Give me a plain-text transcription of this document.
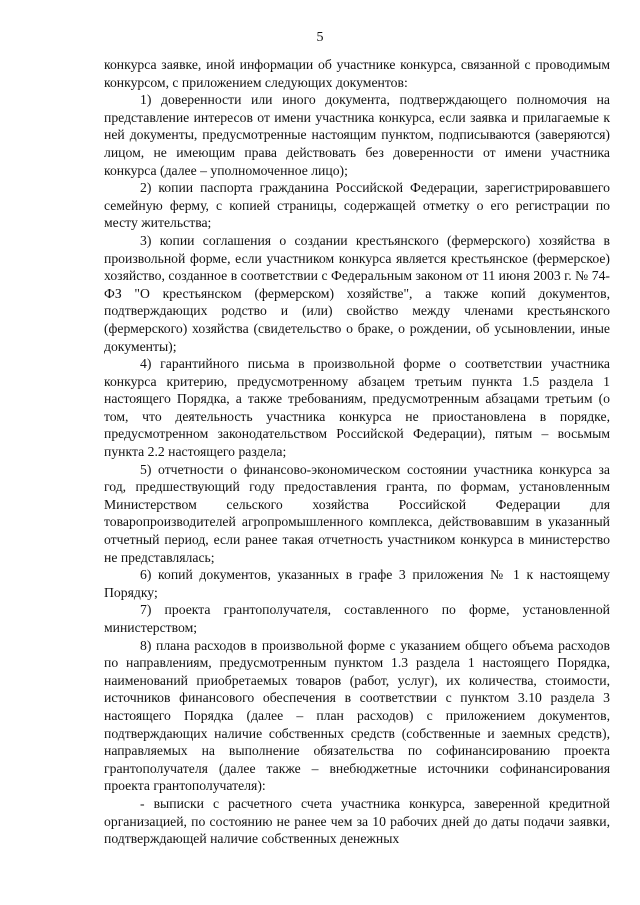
5

конкурса заявке, иной информации об участнике конкурса, связанной с проводимым конкурсом, с приложением следующих документов:

1) доверенности или иного документа, подтверждающего полномочия на представление интересов от имени участника конкурса, если заявка и прилагаемые к ней документы, предусмотренные настоящим пунктом, подписываются (заверяются) лицом, не имеющим права действовать без доверенности от имени участника конкурса (далее – уполномоченное лицо);

2) копии паспорта гражданина Российской Федерации, зарегистрировавшего семейную ферму, с копией страницы, содержащей отметку о его регистрации по месту жительства;

3) копии соглашения о создании крестьянского (фермерского) хозяйства в произвольной форме, если участником конкурса является крестьянское (фермерское) хозяйство, созданное в соответствии с Федеральным законом от 11 июня 2003 г. № 74-ФЗ "О крестьянском (фермерском) хозяйстве", а также копий документов, подтверждающих родство и (или) свойство между членами крестьянского (фермерского) хозяйства (свидетельство о браке, о рождении, об усыновлении, иные документы);

4) гарантийного письма в произвольной форме о соответствии участника конкурса критерию, предусмотренному абзацем третьим пункта 1.5 раздела 1 настоящего Порядка, а также требованиям, предусмотренным абзацами третьим (о том, что деятельность участника конкурса не приостановлена в порядке, предусмотренном законодательством Российской Федерации), пятым – восьмым пункта 2.2 настоящего раздела;

5) отчетности о финансово-экономическом состоянии участника конкурса за год, предшествующий году предоставления гранта, по формам, установленным Министерством сельского хозяйства Российской Федерации для товаропроизводителей агропромышленного комплекса, действовавшим в указанный отчетный период, если ранее такая отчетность участником конкурса в министерство не представлялась;

6) копий документов, указанных в графе 3 приложения № 1 к настоящему Порядку;

7) проекта грантополучателя, составленного по форме, установленной министерством;

8) плана расходов в произвольной форме с указанием общего объема расходов по направлениям, предусмотренным пунктом 1.3 раздела 1 настоящего Порядка, наименований приобретаемых товаров (работ, услуг), их количества, стоимости, источников финансового обеспечения в соответствии с пунктом 3.10 раздела 3 настоящего Порядка (далее – план расходов) с приложением документов, подтверждающих наличие собственных средств (собственные и заемных средств), направляемых на выполнение обязательства по софинансированию проекта грантополучателя (далее также – внебюджетные источники софинансирования проекта грантополучателя):

- выписки с расчетного счета участника конкурса, заверенной кредитной организацией, по состоянию не ранее чем за 10 рабочих дней до даты подачи заявки, подтверждающей наличие собственных денежных
